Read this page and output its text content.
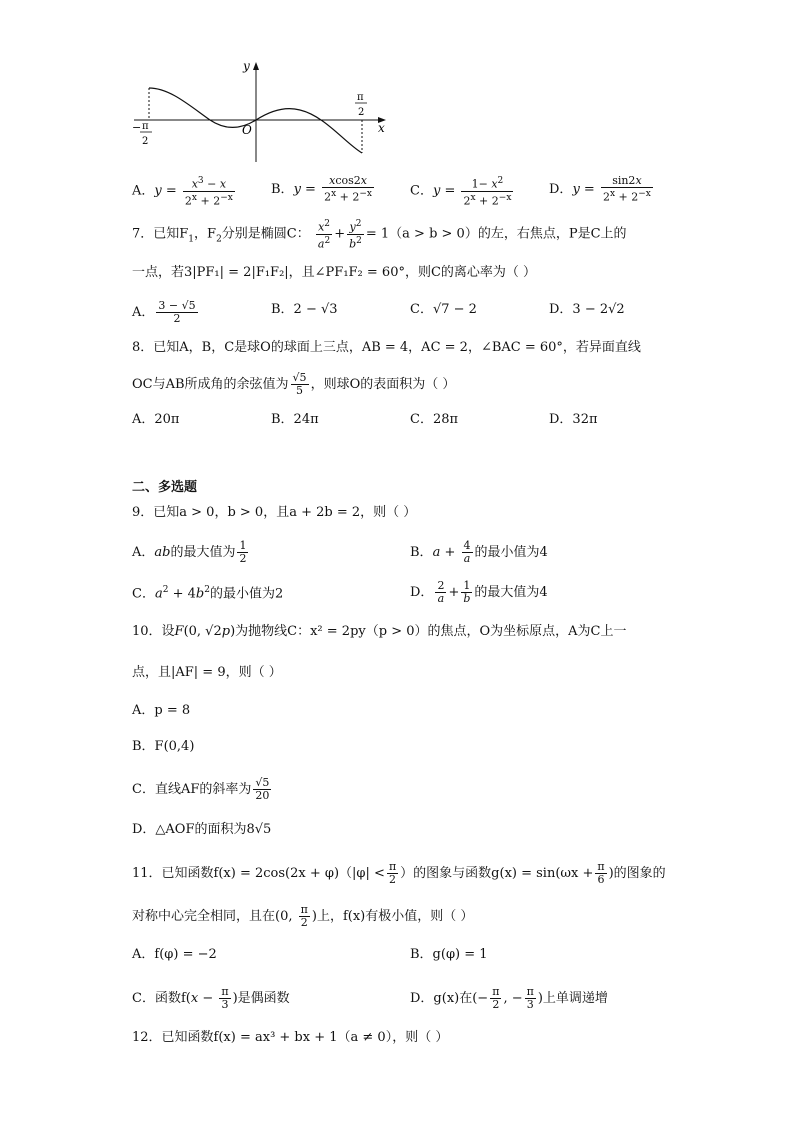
y
x
O
− π
2
π
2
A．$y = \frac{x^3 - x}{2^x + 2^{-x}}$	B．$y = \frac{xcos2x}{2^x + 2^{-x}}$	C．$y = \frac{1- x^2}{2^x + 2^{-x}}$	D．$y = \frac{\sin 2x}{2^x + 2^{-x}}$
7．已知$F_1$，$F_2$分别是椭圆C： $\frac{x^2}{a^2} + \frac{y^2}{b^2} = 1(a > b > 0)$的左，右焦点，P是C上的
一点，若3|PF₁| = 2|F₁F₂|，且∠PF₁F₂ = 60°，则C的离心率为（ ）
A． $\frac{3 - √5}{2}$	B．2 − √3	C．√7 − 2	D．3 − 2√2
8．已知A，B，C是球O的球面上三点，AB = 4，AC = 2，∠BAC = 60°，若异面直线
OC与AB所成角的余弦值为 $\frac{√5}{5}$ ，则球O的表面积为（ ）
A．20π	B．24π	C．28π	D．32π
二、多选题
9．已知a > 0，b > 0，且a + 2b = 2，则（ ）
A．ab的最大值为 $\frac{1}{2}$	B．$a + \frac{4}{a}$ 的最小值为4
C．$a^2 + 4b^2$的最小值为2	D． $\frac{2}{a} + \frac{1}{b}$ 的最大值为4
10．设F(0, √2p)为抛物线C：x² = 2py（p > 0）的焦点，O为坐标原点，A为C上一
点，且|AF| = 9，则（ ）
A．p = 8
B．F(0,4)
C．直线AF的斜率为 $\frac{√5}{20}$
D．△AOF的面积为8√5
11．已知函数$f(x) = 2\cos(2x + \varphi)(|\varphi| < \frac{\pi}{2}$ ）的图象与函数$g(x) = \sin(\omega x + \frac{\pi}{6}$ )的图象的
对称中心完全相同，且在(0, $\frac{\pi}{2}$ )上，f(x)有极小值，则（ ）
A．f(φ) = −2	B．g(φ) = 1
C．函数$f(x - \frac{\pi}{3}$ )是偶函数	D．g(x)在(− $\frac{\pi}{2}$ , − $\frac{\pi}{3}$ )上单调递增
12．已知函数f(x) = ax³ + bx + 1（a ≠ 0），则（ ）
